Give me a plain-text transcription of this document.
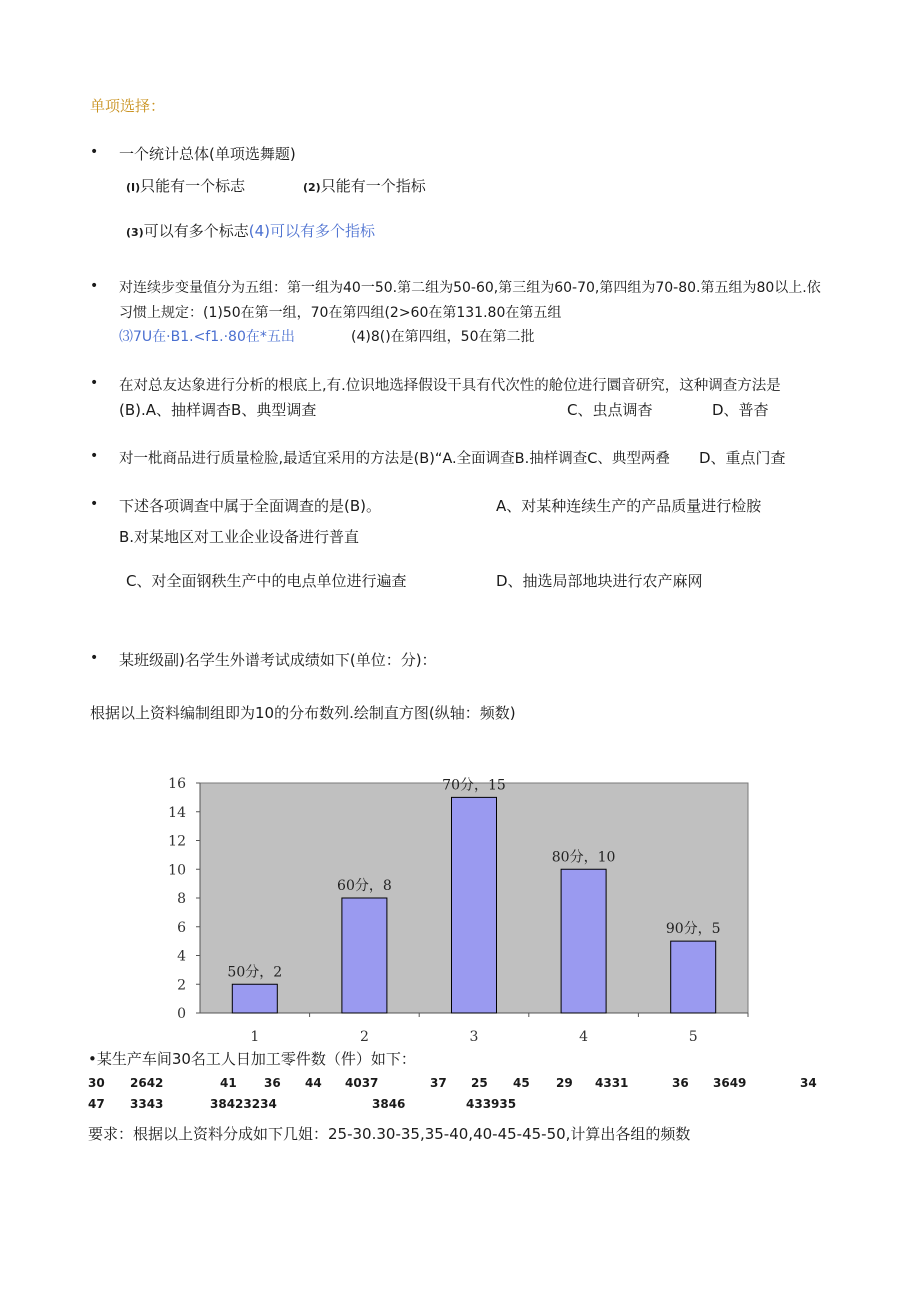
单项选择：
• 一个统计总体(单项选舞题)
(I)只能有一个标志	(2)只能有一个指标
(3)可以有多个标志(4)可以有多个指标
• 对连续步变量值分为五组：第一组为40一50.第二组为50-60,第三组为60-70,第四组为70-80.第五组为80以上.依
习惯上规定：(1)50在第一组，70在第四组(2>60在第131.80在第五组
⑶7U在·B1.<f1.·80在*五出	(4)8()在第四组，50在第二批
• 在对总友达象进行分析的根底上,有.位识地选择假设干具有代次性的舱位进行圜音研究，这种调查方法是
(B).A、抽样调杳B、典型调查	C、虫点调杳	D、普杳
• 对一枇商品进行质量检脸,最适宜采用的方法是(B)“A.全面调查B.抽样调查C、典型两叠 D、重点门查
• 下述各项调查中属于全面调查的是(B)。	A、对某种连续生产的产品质量进行检胺
B.对某地区对工业企业设备进行普直
C、对全面钢秩生产中的电点单位进行遍查	D、抽选局部地块进行农产麻网
• 某班级副)名学生外谱考试成绩如下(单位：分)：
根据以上资料编制组即为10的分布数列.绘制直方图(纵轴：频数)
0
2
4
6
8
10
12
14
16
50分，2
1
60分，8
2
70分，15
3
80分，10
4
90分，5
5
•某生产车间30名工人日加工零件数（件）如下：
30 2642	41 36 44 4037	37 25 45 29 4331	36 3649	34
47 3343	38423234	3846	433935
要求：根据以上资料分成如下几姐：25-30.30-35,35-40,40-45-45-50,计算出各组的频数
